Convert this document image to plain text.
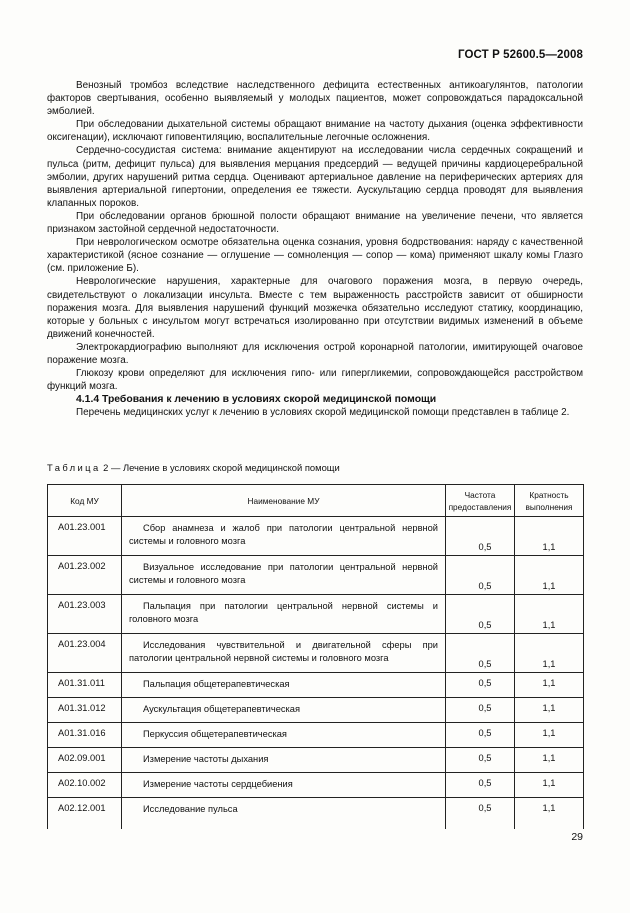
ГОСТ Р 52600.5—2008

Венозный тромбоз вследствие наследственного дефицита естественных антикоагулянтов, патологии факторов свертывания, особенно выявляемый у молодых пациентов, может сопровождаться парадоксальной эмболией.

При обследовании дыхательной системы обращают внимание на частоту дыхания (оценка эффективности оксигенации), исключают гиповентиляцию, воспалительные легочные осложнения.

Сердечно-сосудистая система: внимание акцентируют на исследовании числа сердечных сокращений и пульса (ритм, дефицит пульса) для выявления мерцания предсердий — ведущей причины кардиоцеребральной эмболии, других нарушений ритма сердца. Оценивают артериальное давление на периферических артериях для выявления артериальной гипертонии, определения ее тяжести. Аускультацию сердца проводят для выявления клапанных пороков.

При обследовании органов брюшной полости обращают внимание на увеличение печени, что является признаком застойной сердечной недостаточности.

При неврологическом осмотре обязательна оценка сознания, уровня бодрствования: наряду с качественной характеристикой (ясное сознание — оглушение — сомноленция — сопор — кома) применяют шкалу комы Глазго (см. приложение Б).

Неврологические нарушения, характерные для очагового поражения мозга, в первую очередь, свидетельствуют о локализации инсульта. Вместе с тем выраженность расстройств зависит от обширности поражения мозга. Для выявления нарушений функций мозжечка обязательно исследуют статику, координацию, которые у больных с инсультом могут встречаться изолированно при отсутствии видимых изменений в объеме движений конечностей.

Электрокардиографию выполняют для исключения острой коронарной патологии, имитирующей очаговое поражение мозга.

Глюкозу крови определяют для исключения гипо- или гипергликемии, сопровождающейся расстройством функций мозга.

4.1.4 Требования к лечению в условиях скорой медицинской помощи

Перечень медицинских услуг к лечению в условиях скорой медицинской помощи представлен в таблице 2.

Таблица 2 — Лечение в условиях скорой медицинской помощи
Код МУ	Наименование МУ	Частота предоставления	Кратность выполнения
A01.23.001	Сбор анамнеза и жалоб при патологии центральной нервной системы и головного мозга	0,5	1,1
A01.23.002	Визуальное исследование при патологии центральной нервной системы и головного мозга	0,5	1,1
A01.23.003	Пальпация при патологии центральной нервной системы и головного мозга	0,5	1,1
A01.23.004	Исследования чувствительной и двигательной сферы при патологии центральной нервной системы и головного мозга	0,5	1,1
A01.31.011	Пальпация общетерапевтическая	0,5	1,1
A01.31.012	Аускультация общетерапевтическая	0,5	1,1
A01.31.016	Перкуссия общетерапевтическая	0,5	1,1
A02.09.001	Измерение частоты дыхания	0,5	1,1
A02.10.002	Измерение частоты сердцебиения	0,5	1,1
A02.12.001	Исследование пульса	0,5	1,1
29
